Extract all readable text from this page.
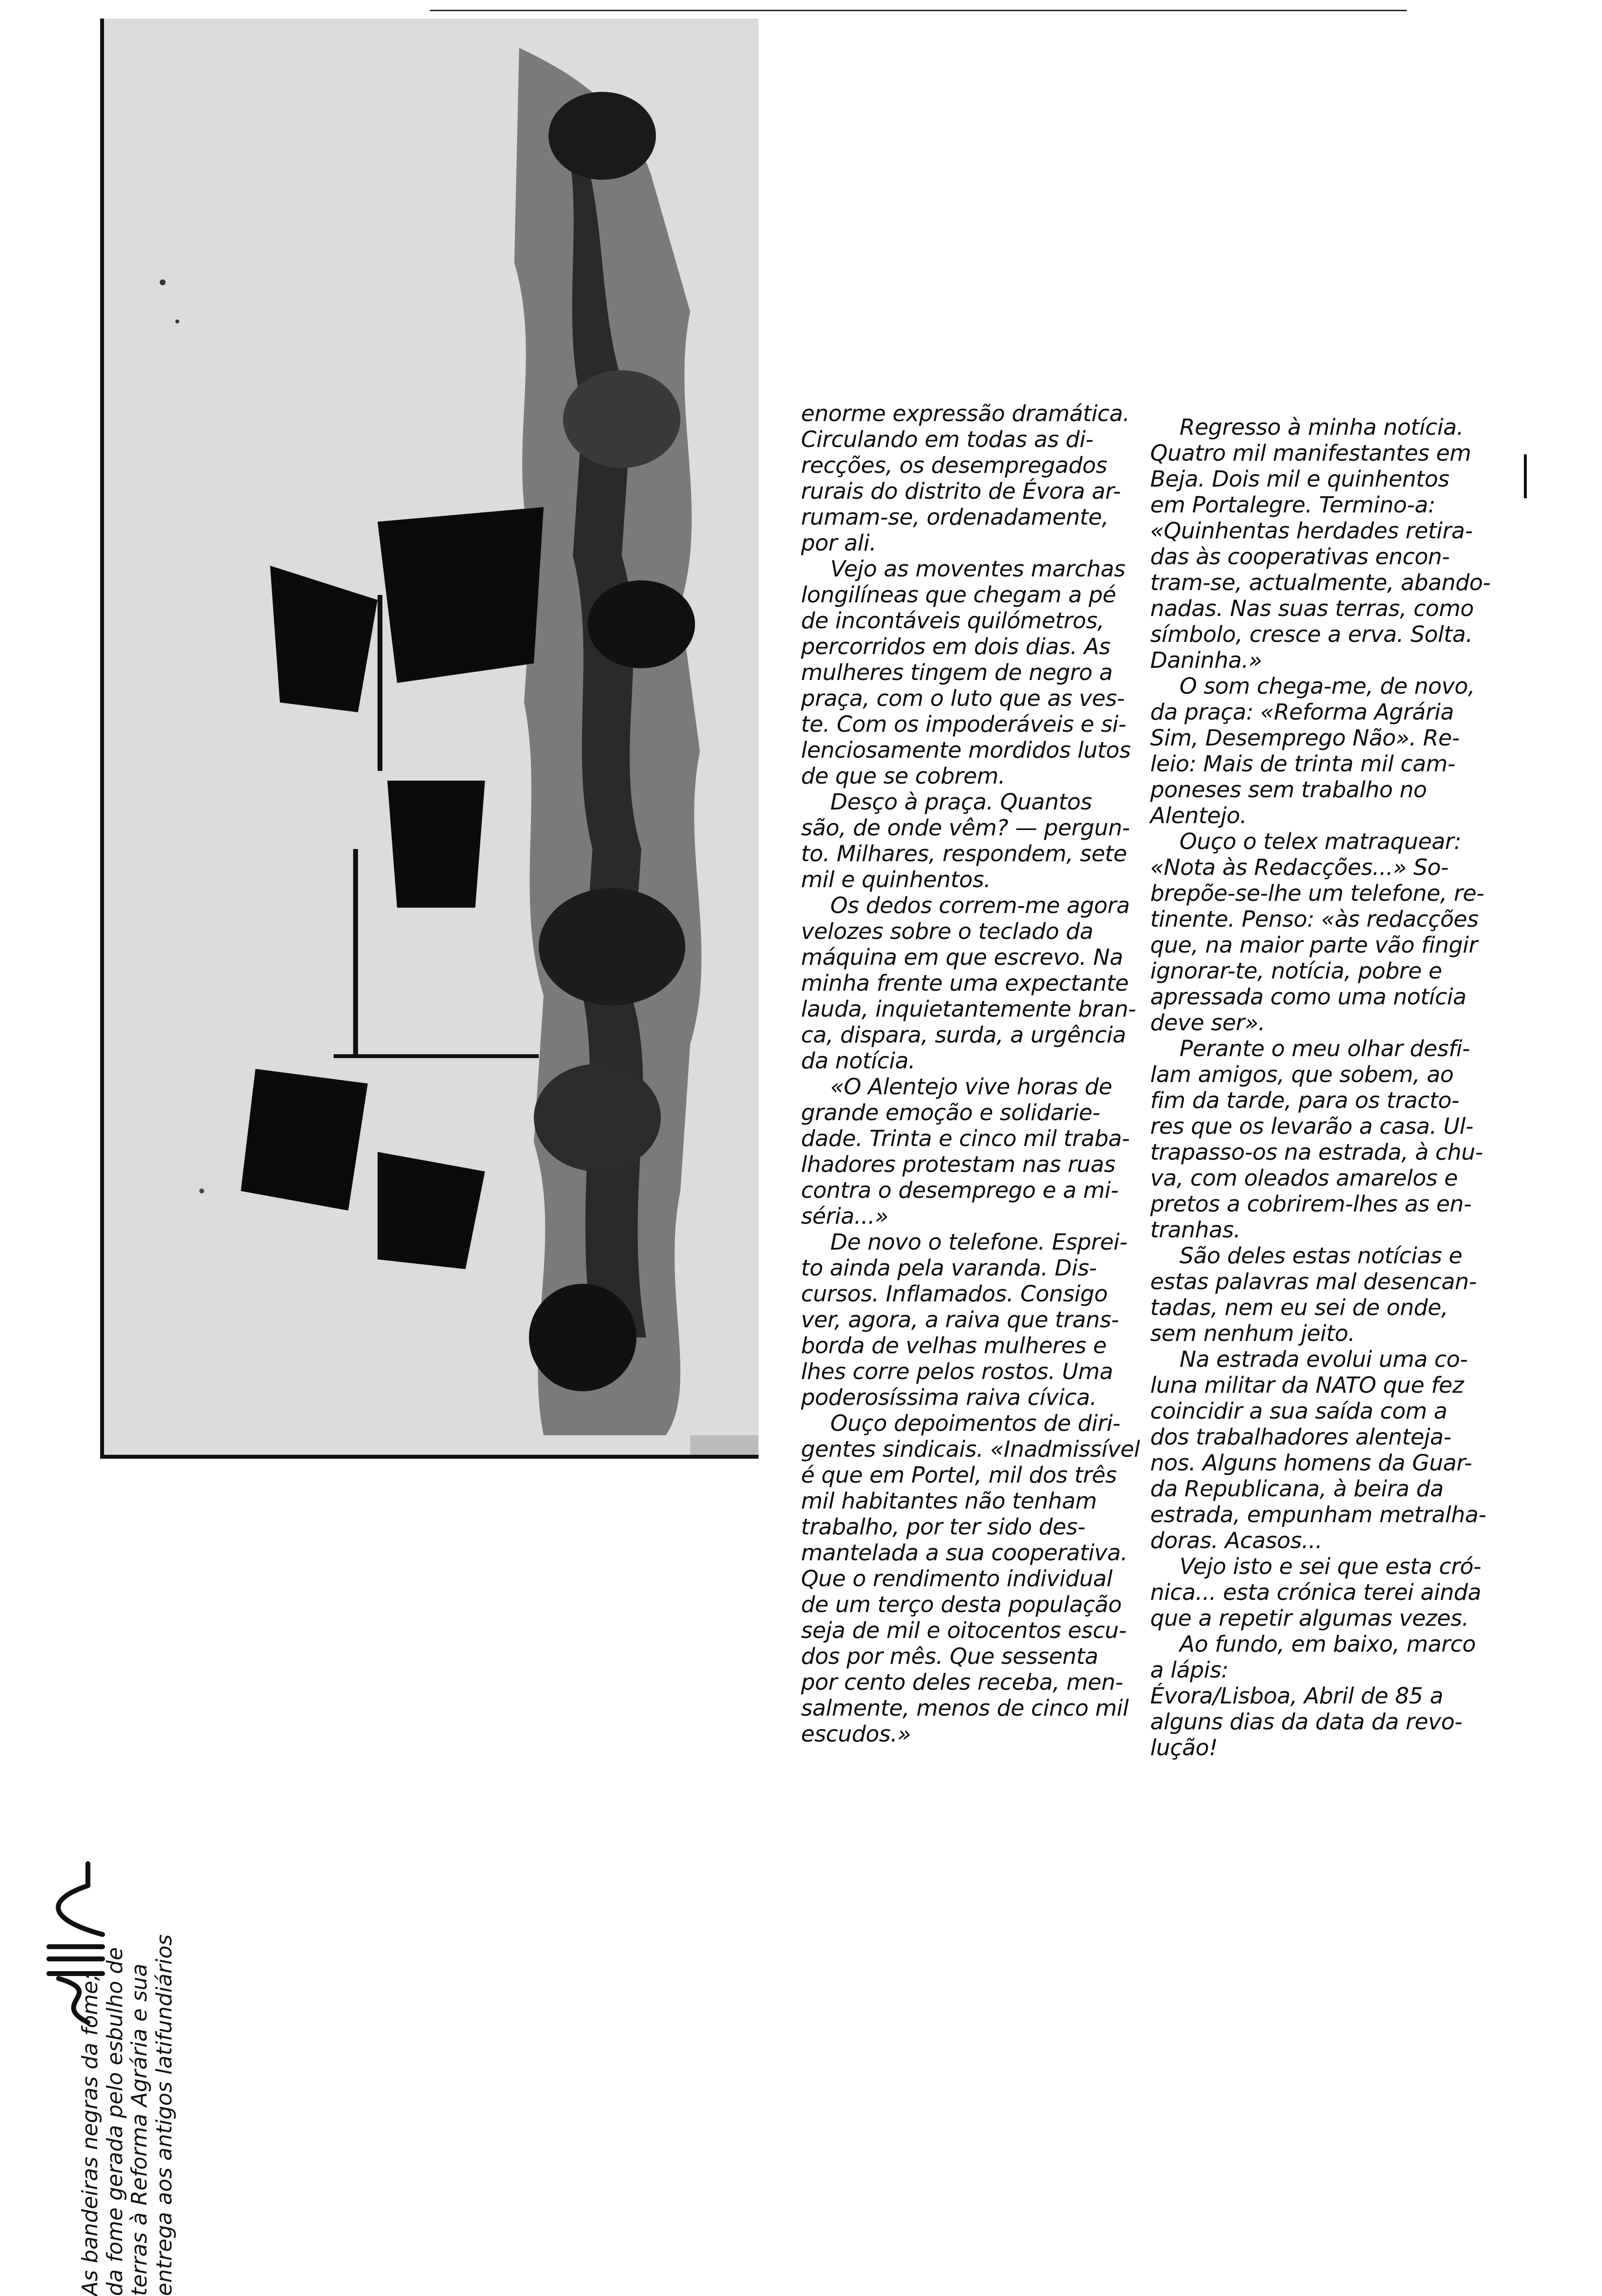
As bandeiras negras da fome; da fome gerada pelo esbulho de terras à Reforma Agrária e sua entrega aos antigos latifundiários
enorme expressão dramática.
Circulando em todas as di-
recções, os desempregados
rurais do distrito de Évora ar-
rumam-se, ordenadamente,
por ali.
Vejo as moventes marchas
longilíneas que chegam a pé
de incontáveis quilómetros,
percorridos em dois dias. As
mulheres tingem de negro a
praça, com o luto que as ves-
te. Com os impoderáveis e si-
lenciosamente mordidos lutos
de que se cobrem.
Desço à praça. Quantos
são, de onde vêm? — pergun-
to. Milhares, respondem, sete
mil e quinhentos.
Os dedos correm-me agora
velozes sobre o teclado da
máquina em que escrevo. Na
minha frente uma expectante
lauda, inquietantemente bran-
ca, dispara, surda, a urgência
da notícia.
«O Alentejo vive horas de
grande emoção e solidarie-
dade. Trinta e cinco mil traba-
lhadores protestam nas ruas
contra o desemprego e a mi-
séria...»
De novo o telefone. Esprei-
to ainda pela varanda. Dis-
cursos. Inflamados. Consigo
ver, agora, a raiva que trans-
borda de velhas mulheres e
lhes corre pelos rostos. Uma
poderosíssima raiva cívica.
Ouço depoimentos de diri-
gentes sindicais. «Inadmissível
é que em Portel, mil dos três
mil habitantes não tenham
trabalho, por ter sido des-
mantelada a sua cooperativa.
Que o rendimento individual
de um terço desta população
seja de mil e oitocentos escu-
dos por mês. Que sessenta
por cento deles receba, men-
salmente, menos de cinco mil
escudos.»
Regresso à minha notícia.
Quatro mil manifestantes em
Beja. Dois mil e quinhentos
em Portalegre. Termino-a:
«Quinhentas herdades retira-
das às cooperativas encon-
tram-se, actualmente, abando-
nadas. Nas suas terras, como
símbolo, cresce a erva. Solta.
Daninha.»
O som chega-me, de novo,
da praça: «Reforma Agrária
Sim, Desemprego Não». Re-
leio: Mais de trinta mil cam-
poneses sem trabalho no
Alentejo.
Ouço o telex matraquear:
«Nota às Redacções...» So-
brepõe-se-lhe um telefone, re-
tinente. Penso: «às redacções
que, na maior parte vão fingir
ignorar-te, notícia, pobre e
apressada como uma notícia
deve ser».
Perante o meu olhar desfi-
lam amigos, que sobem, ao
fim da tarde, para os tracto-
res que os levarão a casa. Ul-
trapasso-os na estrada, à chu-
va, com oleados amarelos e
pretos a cobrirem-lhes as en-
tranhas.
São deles estas notícias e
estas palavras mal desencan-
tadas, nem eu sei de onde,
sem nenhum jeito.
Na estrada evolui uma co-
luna militar da NATO que fez
coincidir a sua saída com a
dos trabalhadores alenteja-
nos. Alguns homens da Guar-
da Republicana, à beira da
estrada, empunham metralha-
doras. Acasos...
Vejo isto e sei que esta cró-
nica... esta crónica terei ainda
que a repetir algumas vezes.
Ao fundo, em baixo, marco
a lápis:
Évora/Lisboa, Abril de 85 a
alguns dias da data da revo-
lução!
